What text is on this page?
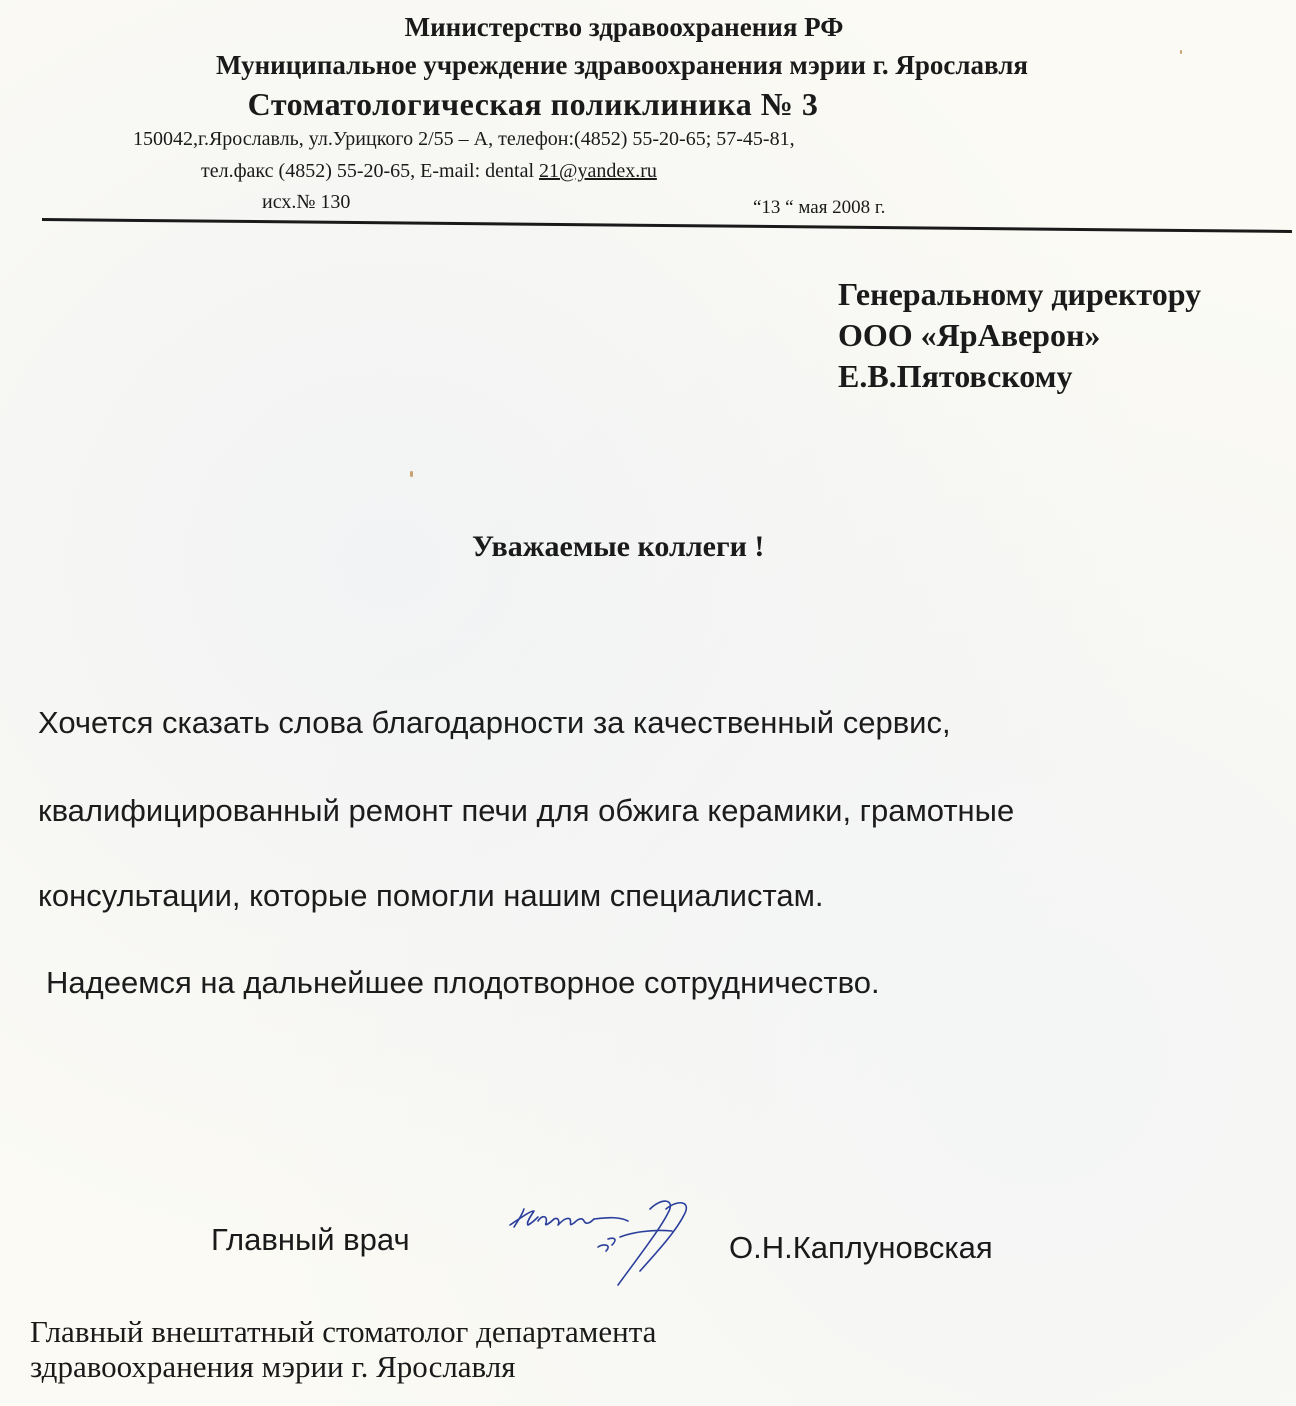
Министерство здравоохранения РФ
Муниципальное учреждение здравоохранения мэрии г. Ярославля
Стоматологическая поликлиника № 3
150042,г.Ярославль, ул.Урицкого 2/55 – А, телефон:(4852) 55-20-65; 57-45-81,
тел.факс (4852) 55-20-65, E-mail: dental 21@yandex.ru
исх.№ 130	“13 “ мая 2008 г.
Генеральному директору
ООО «ЯрАверон»
Е.В.Пятовскому
Уважаемые коллеги !
Хочется сказать слова благодарности за качественный сервис,
квалифицированный ремонт печи для обжига керамики, грамотные
консультации, которые помогли нашим специалистам.
Надеемся на дальнейшее плодотворное сотрудничество.
Главный врач	О.Н.Каплуновская
Главный внештатный стоматолог департамента
здравоохранения мэрии г. Ярославля
